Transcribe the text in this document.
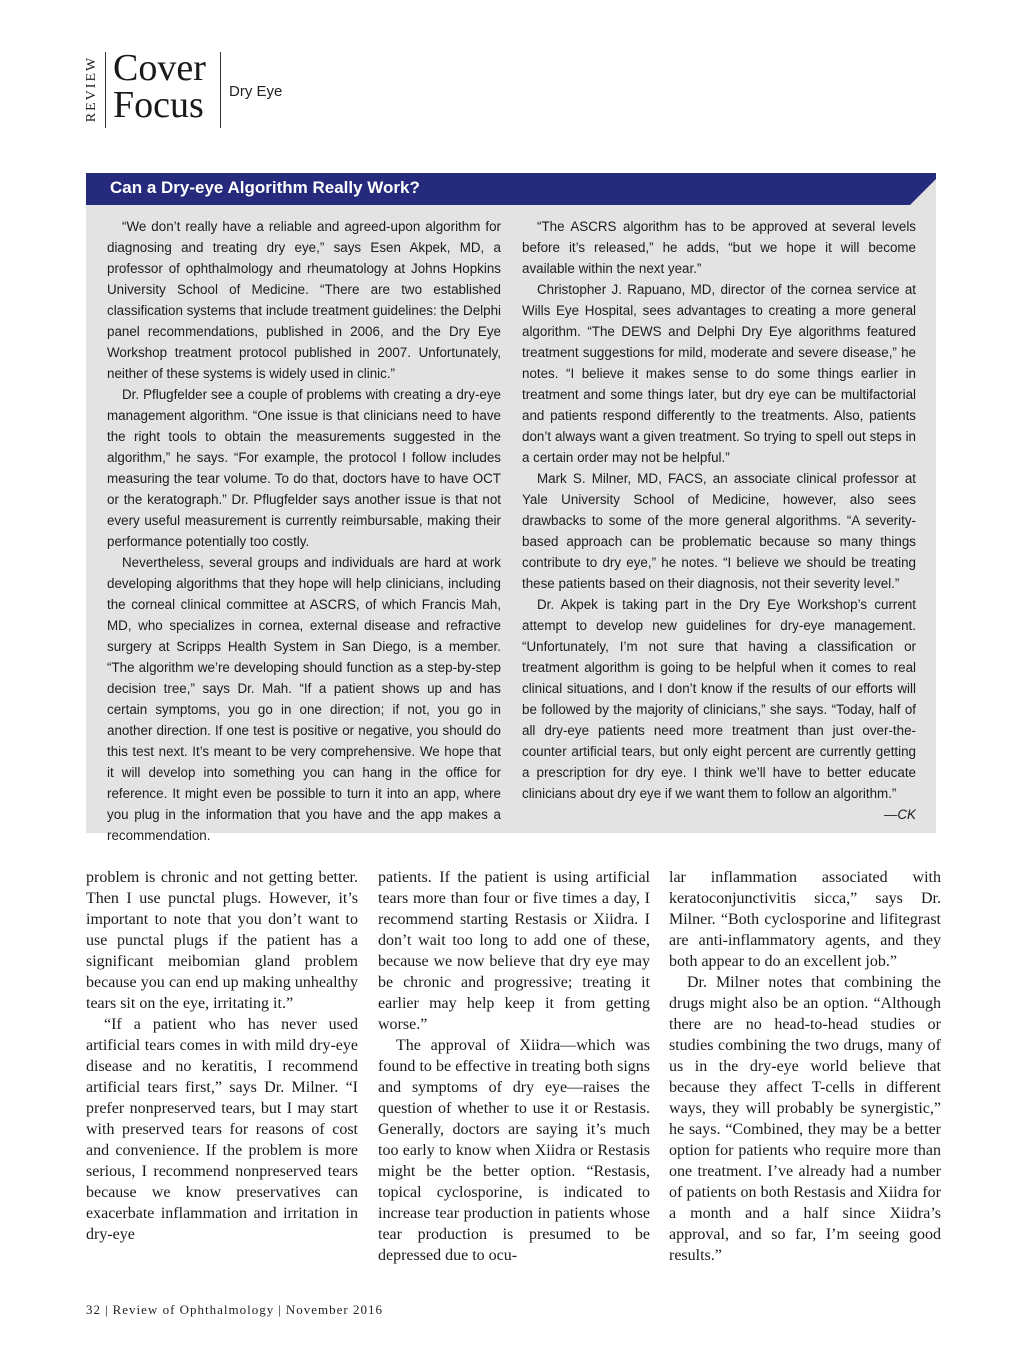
REVIEW Cover
Focus Dry Eye
Can a Dry-eye Algorithm Really Work?

“We don’t really have a reliable and agreed-upon algorithm for diagnosing and treating dry eye,” says Esen Akpek, MD, a professor of ophthalmology and rheumatology at Johns Hopkins University School of Medicine. “There are two established classification systems that include treatment guidelines: the Delphi panel recommendations, published in 2006, and the Dry Eye Workshop treatment protocol published in 2007. Unfortunately, neither of these systems is widely used in clinic.”

Dr. Pflugfelder see a couple of problems with creating a dry-eye management algorithm. “One issue is that clinicians need to have the right tools to obtain the measurements suggested in the algorithm,” he says. “For example, the protocol I follow includes measuring the tear volume. To do that, doctors have to have OCT or the keratograph.” Dr. Pflugfelder says another issue is that not every useful measurement is currently reimbursable, making their performance potentially too costly.

Nevertheless, several groups and individuals are hard at work developing algorithms that they hope will help clinicians, including the corneal clinical committee at ASCRS, of which Francis Mah, MD, who specializes in cornea, external disease and refractive surgery at Scripps Health System in San Diego, is a member. “The algorithm we’re developing should function as a step-by-step decision tree,” says Dr. Mah. “If a patient shows up and has certain symptoms, you go in one direction; if not, you go in another direction. If one test is positive or negative, you should do this test next. It’s meant to be very comprehensive. We hope that it will develop into something you can hang in the office for reference. It might even be possible to turn it into an app, where you plug in the information that you have and the app makes a recommendation.

“The ASCRS algorithm has to be approved at several levels before it’s released,” he adds, “but we hope it will become available within the next year.”

Christopher J. Rapuano, MD, director of the cornea service at Wills Eye Hospital, sees advantages to creating a more general algorithm. “The DEWS and Delphi Dry Eye algorithms featured treatment suggestions for mild, moderate and severe disease,” he notes. “I believe it makes sense to do some things earlier in treatment and some things later, but dry eye can be multifactorial and patients respond differently to the treatments. Also, patients don’t always want a given treatment. So trying to spell out steps in a certain order may not be helpful.”

Mark S. Milner, MD, FACS, an associate clinical professor at Yale University School of Medicine, however, also sees drawbacks to some of the more general algorithms. “A severity-based approach can be problematic because so many things contribute to dry eye,” he notes. “I believe we should be treating these patients based on their diagnosis, not their severity level.”

Dr. Akpek is taking part in the Dry Eye Workshop’s current attempt to develop new guidelines for dry-eye management. “Unfortunately, I’m not sure that having a classification or treatment algorithm is going to be helpful when it comes to real clinical situations, and I don’t know if the results of our efforts will be followed by the majority of clinicians,” she says. “Today, half of all dry-eye patients need more treatment than just over-the-counter artificial tears, but only eight percent are currently getting a prescription for dry eye. I think we’ll have to better educate clinicians about dry eye if we want them to follow an algorithm.”

—CK

problem is chronic and not getting better. Then I use punctal plugs. However, it’s important to note that you don’t want to use punctal plugs if the patient has a significant meibomian gland problem because you can end up making unhealthy tears sit on the eye, irritating it.”

“If a patient who has never used artificial tears comes in with mild dry-eye disease and no keratitis, I recommend artificial tears first,” says Dr. Milner. “I prefer nonpreserved tears, but I may start with preserved tears for reasons of cost and convenience. If the problem is more serious, I recommend nonpreserved tears because we know preservatives can exacerbate inflammation and irritation in dry-eye

patients. If the patient is using artificial tears more than four or five times a day, I recommend starting Restasis or Xiidra. I don’t wait too long to add one of these, because we now believe that dry eye may be chronic and progressive; treating it earlier may help keep it from getting worse.”

The approval of Xiidra—which was found to be effective in treating both signs and symptoms of dry eye—raises the question of whether to use it or Restasis. Generally, doctors are saying it’s much too early to know when Xiidra or Restasis might be the better option. “Restasis, topical cyclosporine, is indicated to increase tear production in patients whose tear production is presumed to be depressed due to ocu-

lar inflammation associated with keratoconjunctivitis sicca,” says Dr. Milner. “Both cyclosporine and lifitegrast are anti-inflammatory agents, and they both appear to do an excellent job.”

Dr. Milner notes that combining the drugs might also be an option. “Although there are no head-to-head studies or studies combining the two drugs, many of us in the dry-eye world believe that because they affect T-cells in different ways, they will probably be synergistic,” he says. “Combined, they may be a better option for patients who require more than one treatment. I’ve already had a number of patients on both Restasis and Xiidra for a month and a half since Xiidra’s approval, and so far, I’m seeing good results.”

32 | Review of Ophthalmology | November 2016
